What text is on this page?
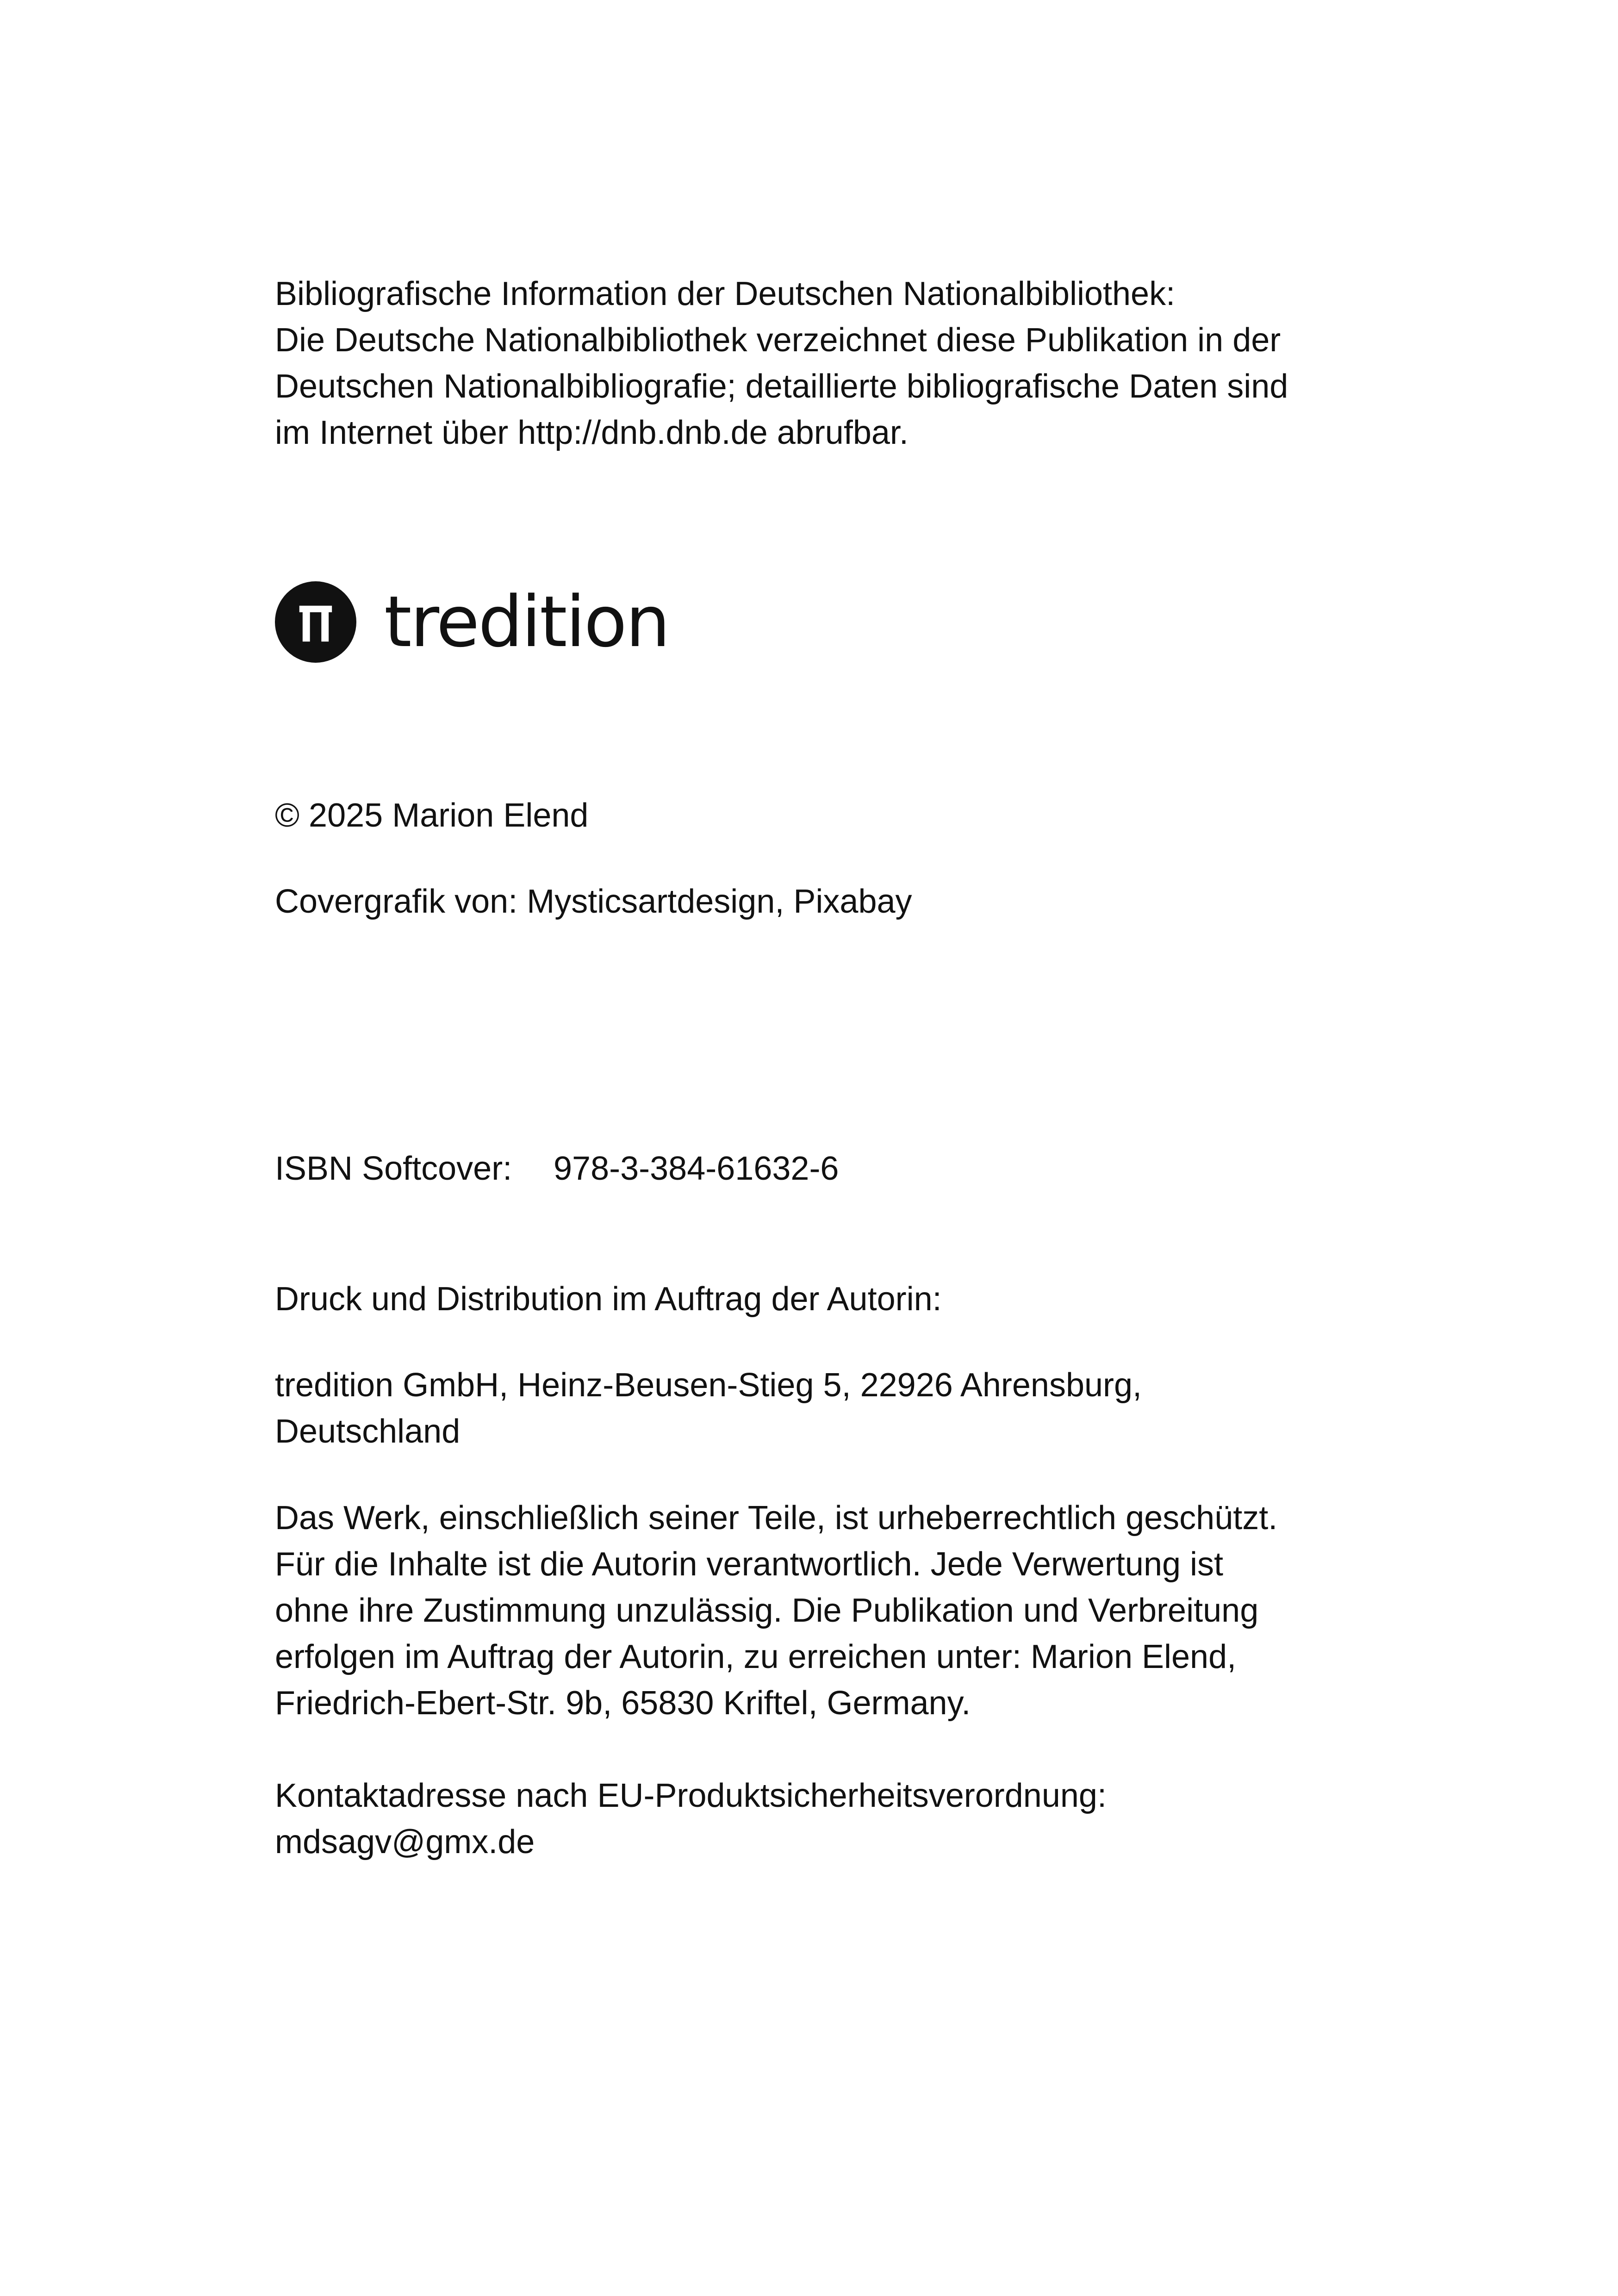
Bibliografische Information der Deutschen Nationalbibliothek:
Die Deutsche Nationalbibliothek verzeichnet diese Publikation in der
Deutschen Nationalbibliografie; detaillierte bibliografische Daten sind
im Internet über http://dnb.dnb.de abrufbar.
tredition
© 2025 Marion Elend
Covergrafik von: Mysticsartdesign, Pixabay
ISBN Softcover: 978-3-384-61632-6
Druck und Distribution im Auftrag der Autorin:
tredition GmbH, Heinz-Beusen-Stieg 5, 22926 Ahrensburg,
Deutschland
Das Werk, einschließlich seiner Teile, ist urheberrechtlich geschützt.
Für die Inhalte ist die Autorin verantwortlich. Jede Verwertung ist
ohne ihre Zustimmung unzulässig. Die Publikation und Verbreitung
erfolgen im Auftrag der Autorin, zu erreichen unter: Marion Elend,
Friedrich-Ebert-Str. 9b, 65830 Kriftel, Germany.
Kontaktadresse nach EU-Produktsicherheitsverordnung:
mdsagv@gmx.de
